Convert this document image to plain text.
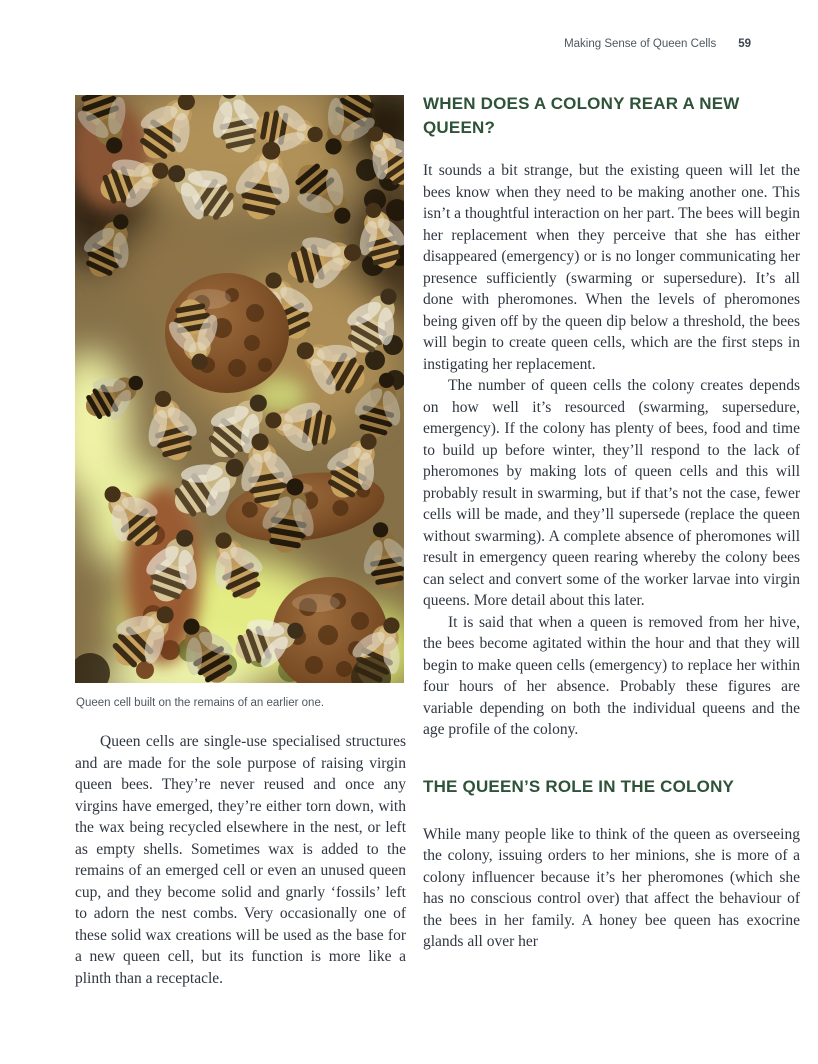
Making Sense of Queen Cells 59
Queen cell built on the remains of an earlier one.

Queen cells are single-use specialised structures and are made for the sole purpose of raising virgin queen bees. They’re never reused and once any virgins have emerged, they’re either torn down, with the wax being recycled elsewhere in the nest, or left as empty shells. Sometimes wax is added to the remains of an emerged cell or even an unused queen cup, and they become solid and gnarly ‘fossils’ left to adorn the nest combs. Very occasionally one of these solid wax creations will be used as the base for a new queen cell, but its function is more like a plinth than a receptacle.

WHEN DOES A COLONY REAR A NEW QUEEN?

It sounds a bit strange, but the existing queen will let the bees know when they need to be making another one. This isn’t a thoughtful interaction on her part. The bees will begin her replacement when they perceive that she has either disappeared (emergency) or is no longer communicating her presence sufficiently (swarming or supersedure). It’s all done with pheromones. When the levels of pheromones being given off by the queen dip below a threshold, the bees will begin to create queen cells, which are the first steps in instigating her replacement.

The number of queen cells the colony creates depends on how well it’s resourced (swarming, supersedure, emergency). If the colony has plenty of bees, food and time to build up before winter, they’ll respond to the lack of pheromones by making lots of queen cells and this will probably result in swarming, but if that’s not the case, fewer cells will be made, and they’ll supersede (replace the queen without swarming). A complete absence of pheromones will result in emergency queen rearing whereby the colony bees can select and convert some of the worker larvae into virgin queens. More detail about this later.

It is said that when a queen is removed from her hive, the bees become agitated within the hour and that they will begin to make queen cells (emergency) to replace her within four hours of her absence. Probably these figures are variable depending on both the individual queens and the age profile of the colony.

THE QUEEN’S ROLE IN THE COLONY

While many people like to think of the queen as overseeing the colony, issuing orders to her minions, she is more of a colony influencer because it’s her pheromones (which she has no conscious control over) that affect the behaviour of the bees in her family. A honey bee queen has exocrine glands all over her
